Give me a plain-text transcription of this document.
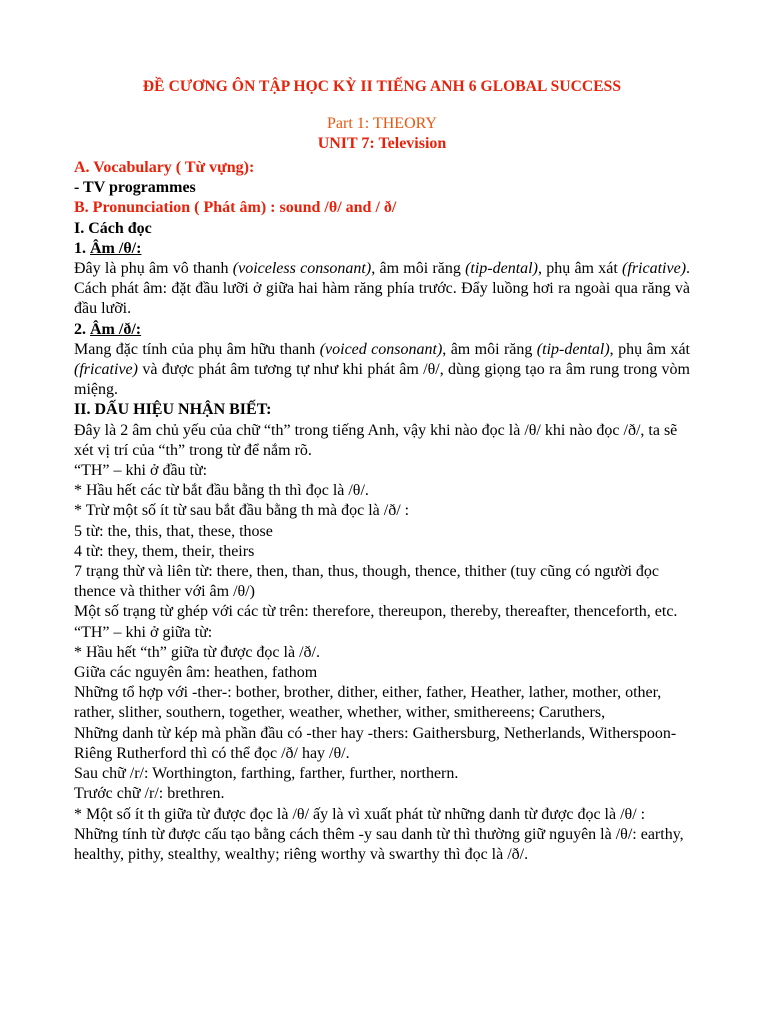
ĐỀ CƯƠNG ÔN TẬP HỌC KỲ II TIẾNG ANH 6 GLOBAL SUCCESS

Part 1: THEORY

UNIT 7: Television

A. Vocabulary ( Từ vựng):

- TV programmes

B. Pronunciation ( Phát âm) : sound /θ/ and / ð/

I. Cách đọc

1. Âm /θ/:

Đây là phụ âm vô thanh (voiceless consonant), âm môi răng (tip-dental), phụ âm xát (fricative). Cách phát âm: đặt đầu lưỡi ở giữa hai hàm răng phía trước. Đẩy luồng hơi ra ngoài qua răng và đầu lưỡi.

2. Âm /ð/:

Mang đặc tính của phụ âm hữu thanh (voiced consonant), âm môi răng (tip-dental), phụ âm xát (fricative) và được phát âm tương tự như khi phát âm /θ/, dùng giọng tạo ra âm rung trong vòm miệng.

II. DẤU HIỆU NHẬN BIẾT:

Đây là 2 âm chủ yếu của chữ “th” trong tiếng Anh, vậy khi nào đọc là /θ/ khi nào đọc /ð/, ta sẽ xét vị trí của “th” trong từ để nắm rõ.

“TH” – khi ở đầu từ:

* Hầu hết các từ bắt đầu bằng th thì đọc là /θ/.

* Trừ một số ít từ sau bắt đầu bằng th mà đọc là /ð/ :

5 từ: the, this, that, these, those

4 từ: they, them, their, theirs

7 trạng thừ và liên từ: there, then, than, thus, though, thence, thither (tuy cũng có người đọc thence và thither với âm /θ/)

Một số trạng từ ghép với các từ trên: therefore, thereupon, thereby, thereafter, thenceforth, etc.

“TH” – khi ở giữa từ:

* Hầu hết “th” giữa từ được đọc là /ð/.

Giữa các nguyên âm: heathen, fathom

Những tổ hợp với -ther-: bother, brother, dither, either, father, Heather, lather, mother, other, rather, slither, southern, together, weather, whether, wither, smithereens; Caruthers,

Những danh từ kép mà phần đầu có -ther hay -thers: Gaithersburg, Netherlands, Witherspoon- Riêng Rutherford thì có thể đọc /ð/ hay /θ/.

Sau chữ /r/: Worthington, farthing, farther, further, northern.

Trước chữ /r/: brethren.

* Một số ít th giữa từ được đọc là /θ/ ấy là vì xuất phát từ những danh từ được đọc là /θ/ :

Những tính từ được cấu tạo bằng cách thêm -y sau danh từ thì thường giữ nguyên là /θ/: earthy, healthy, pithy, stealthy, wealthy; riêng worthy và swarthy thì đọc là /ð/.
